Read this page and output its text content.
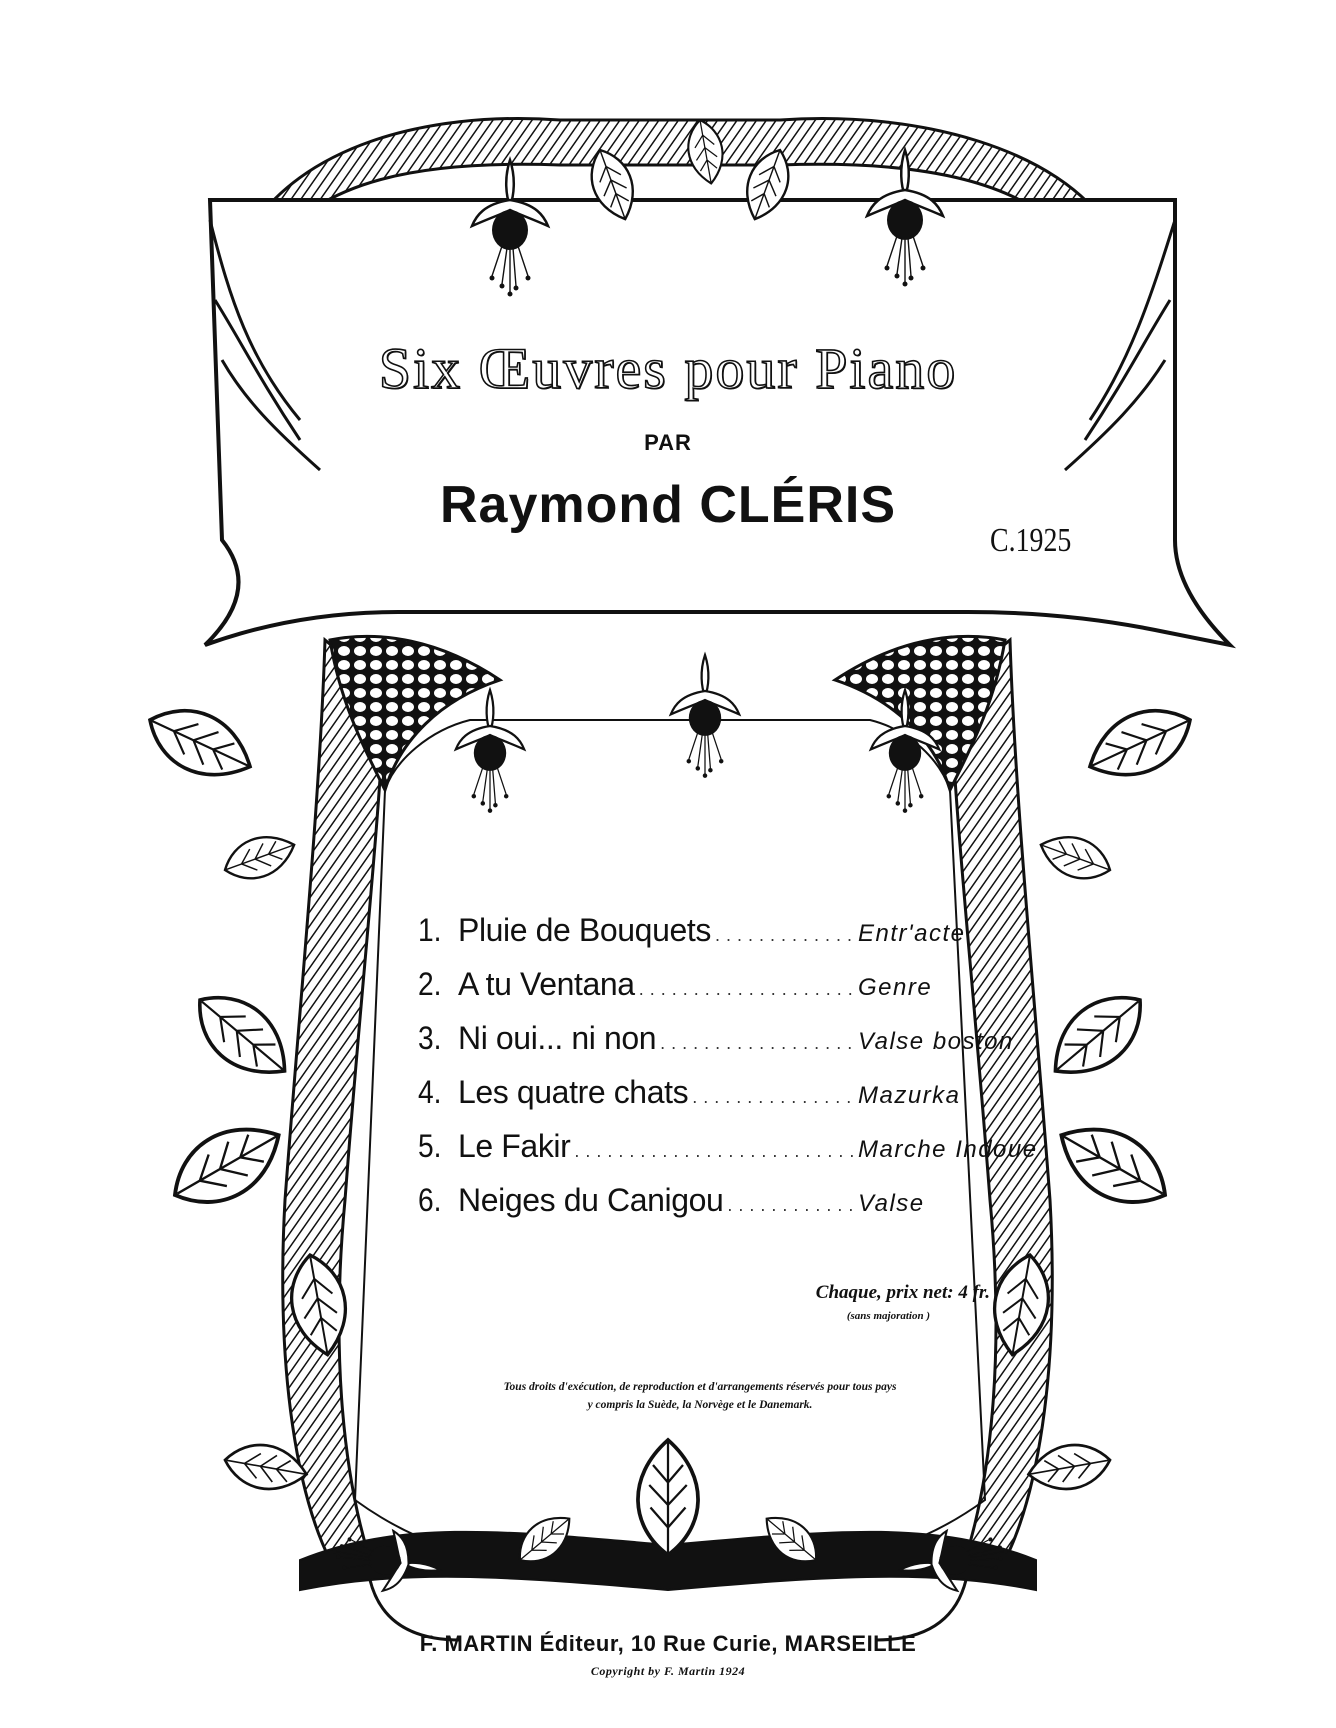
Six Œuvres pour Piano
PAR
Raymond CLÉRIS
C.1925
1. Pluie de Bouquets .....	Entr'acte
2. A tu Ventana .....	Genre
3. Ni oui... ni non .....	Valse boston
4. Les quatre chats .....	Mazurka
5. Le Fakir .....	Marche Indoue
6. Neiges du Canigou .....	Valse
Chaque, prix net: 4 fr.
(sans majoration )
Tous droits d'exécution, de reproduction et d'arrangements réservés pour tous pays
y compris la Suède, la Norvège et le Danemark.
F. MARTIN Éditeur, 10 Rue Curie, MARSEILLE
Copyright by F. Martin 1924
